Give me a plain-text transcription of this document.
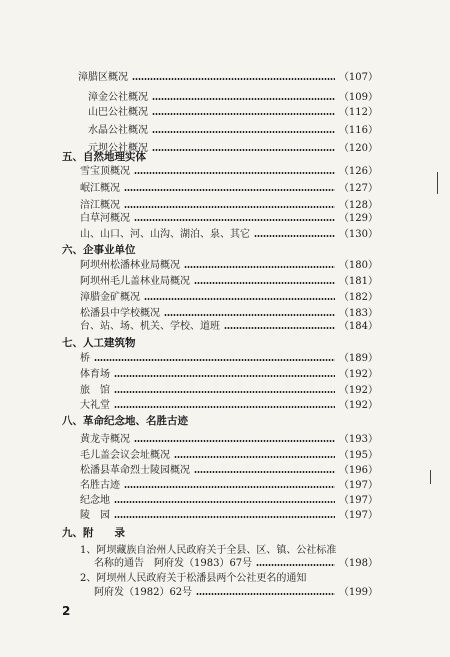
漳腊区概况	（107）
漳金公社概况	（109）
山巴公社概况	（112）
水晶公社概况	（116）
元坝公社概况	（120）
五、自然地理实体
雪宝顶概况	（126）
岷江概况	（127）
涪江概况	（128）
白草河概况	（129）
山、山口、河、山沟、湖泊、泉、其它	（130）
六、企事业单位
阿坝州松潘林业局概况	（180）
阿坝州毛儿盖林业局概况	（181）
漳腊金矿概况	（182）
松潘县中学校概况	（183）
台、站、场、机关、学校、道班	（184）
七、人工建筑物
桥	（189）
体育场	（192）
旅　馆	（192）
大礼堂	（192）
八、革命纪念地、名胜古迹
黄龙寺概况	（193）
毛儿盖会议会址概况	（195）
松潘县革命烈士陵园概况	（196）
名胜古迹	（197）
纪念地	（197）
陵　园	（197）
九、附　　录
1、阿坝藏族自治州人民政府关于全县、区、镇、公社标准
名称的通告　阿府发（1983）67号	（198）
2、阿坝州人民政府关于松潘县两个公社更名的通知
阿府发（1982）62号	（199）
2
